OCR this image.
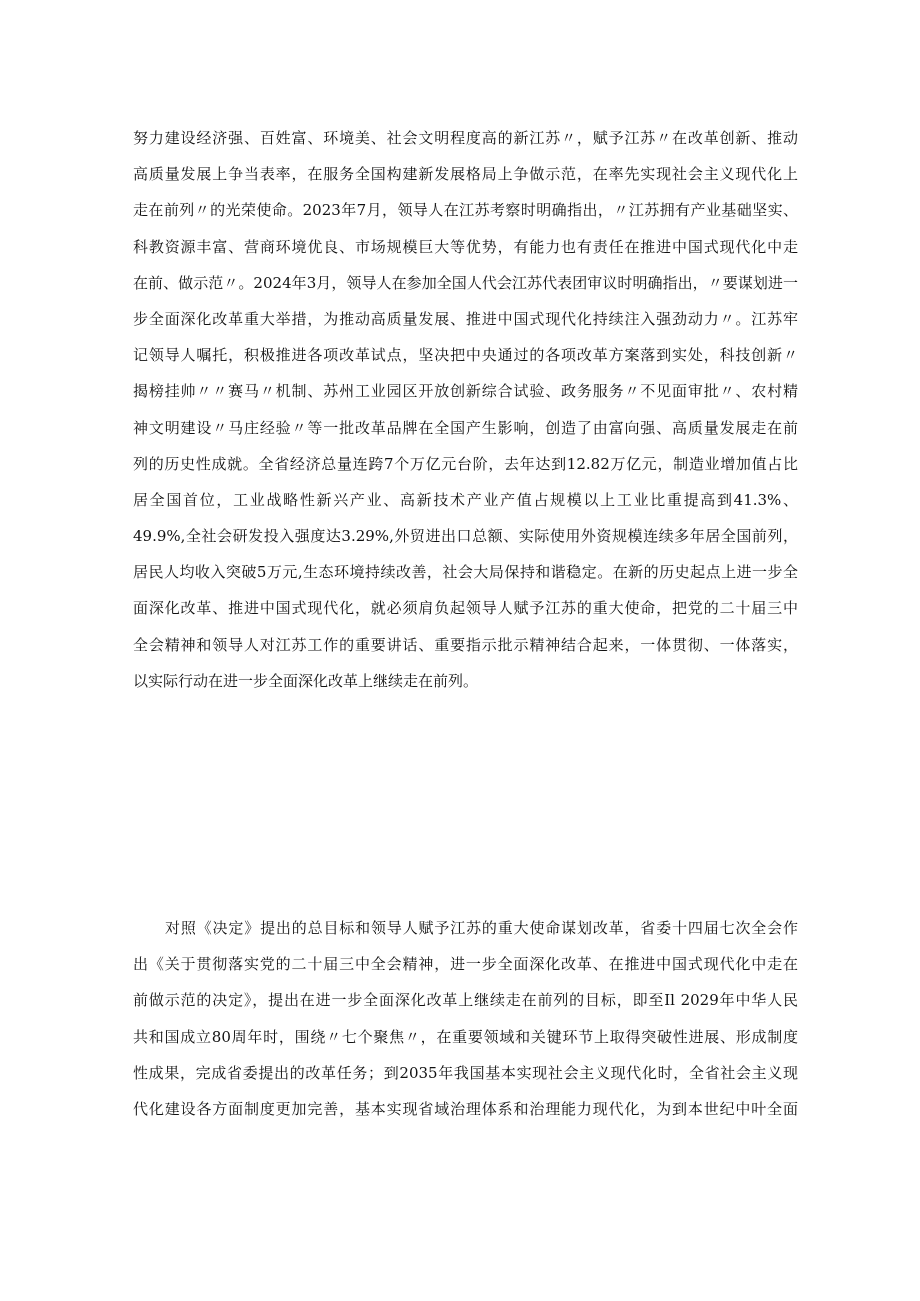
努力建设经济强、百姓富、环境美、社会文明程度高的新江苏〃，赋予江苏〃在改革创新、推动
高质量发展上争当表率，在服务全国构建新发展格局上争做示范，在率先实现社会主义现代化上
走在前列〃的光荣使命。2023年7月，领导人在江苏考察时明确指出，〃江苏拥有产业基础坚实、
科教资源丰富、营商环境优良、市场规模巨大等优势，有能力也有责任在推进中国式现代化中走
在前、做示范〃。2024年3月，领导人在参加全国人代会江苏代表团审议时明确指出，〃要谋划进一
步全面深化改革重大举措，为推动高质量发展、推进中国式现代化持续注入强劲动力〃。江苏牢
记领导人嘱托，积极推进各项改革试点，坚决把中央通过的各项改革方案落到实处，科技创新〃
揭榜挂帅〃〃赛马〃机制、苏州工业园区开放创新综合试验、政务服务〃不见面审批〃、农村精
神文明建设〃马庄经验〃等一批改革品牌在全国产生影响，创造了由富向强、高质量发展走在前
列的历史性成就。全省经济总量连跨7个万亿元台阶，去年达到12.82万亿元，制造业增加值占比
居全国首位，工业战略性新兴产业、高新技术产业产值占规模以上工业比重提高到41.3%、
49.9%,全社会研发投入强度达3.29%,外贸进出口总额、实际使用外资规模连续多年居全国前列，
居民人均收入突破5万元,生态环境持续改善，社会大局保持和谐稳定。在新的历史起点上进一步全
面深化改革、推进中国式现代化，就必须肩负起领导人赋予江苏的重大使命，把党的二十届三中
全会精神和领导人对江苏工作的重要讲话、重要指示批示精神结合起来，一体贯彻、一体落实，
以实际行动在进一步全面深化改革上继续走在前列。
对照《决定》提出的总目标和领导人赋予江苏的重大使命谋划改革，省委十四届七次全会作
出《关于贯彻落实党的二十届三中全会精神，进一步全面深化改革、在推进中国式现代化中走在
前做示范的决定》，提出在进一步全面深化改革上继续走在前列的目标，即至Il 2029年中华人民
共和国成立80周年时，围绕〃七个聚焦〃，在重要领域和关键环节上取得突破性进展、形成制度
性成果，完成省委提出的改革任务；到2035年我国基本实现社会主义现代化时，全省社会主义现
代化建设各方面制度更加完善，基本实现省域治理体系和治理能力现代化，为到本世纪中叶全面
